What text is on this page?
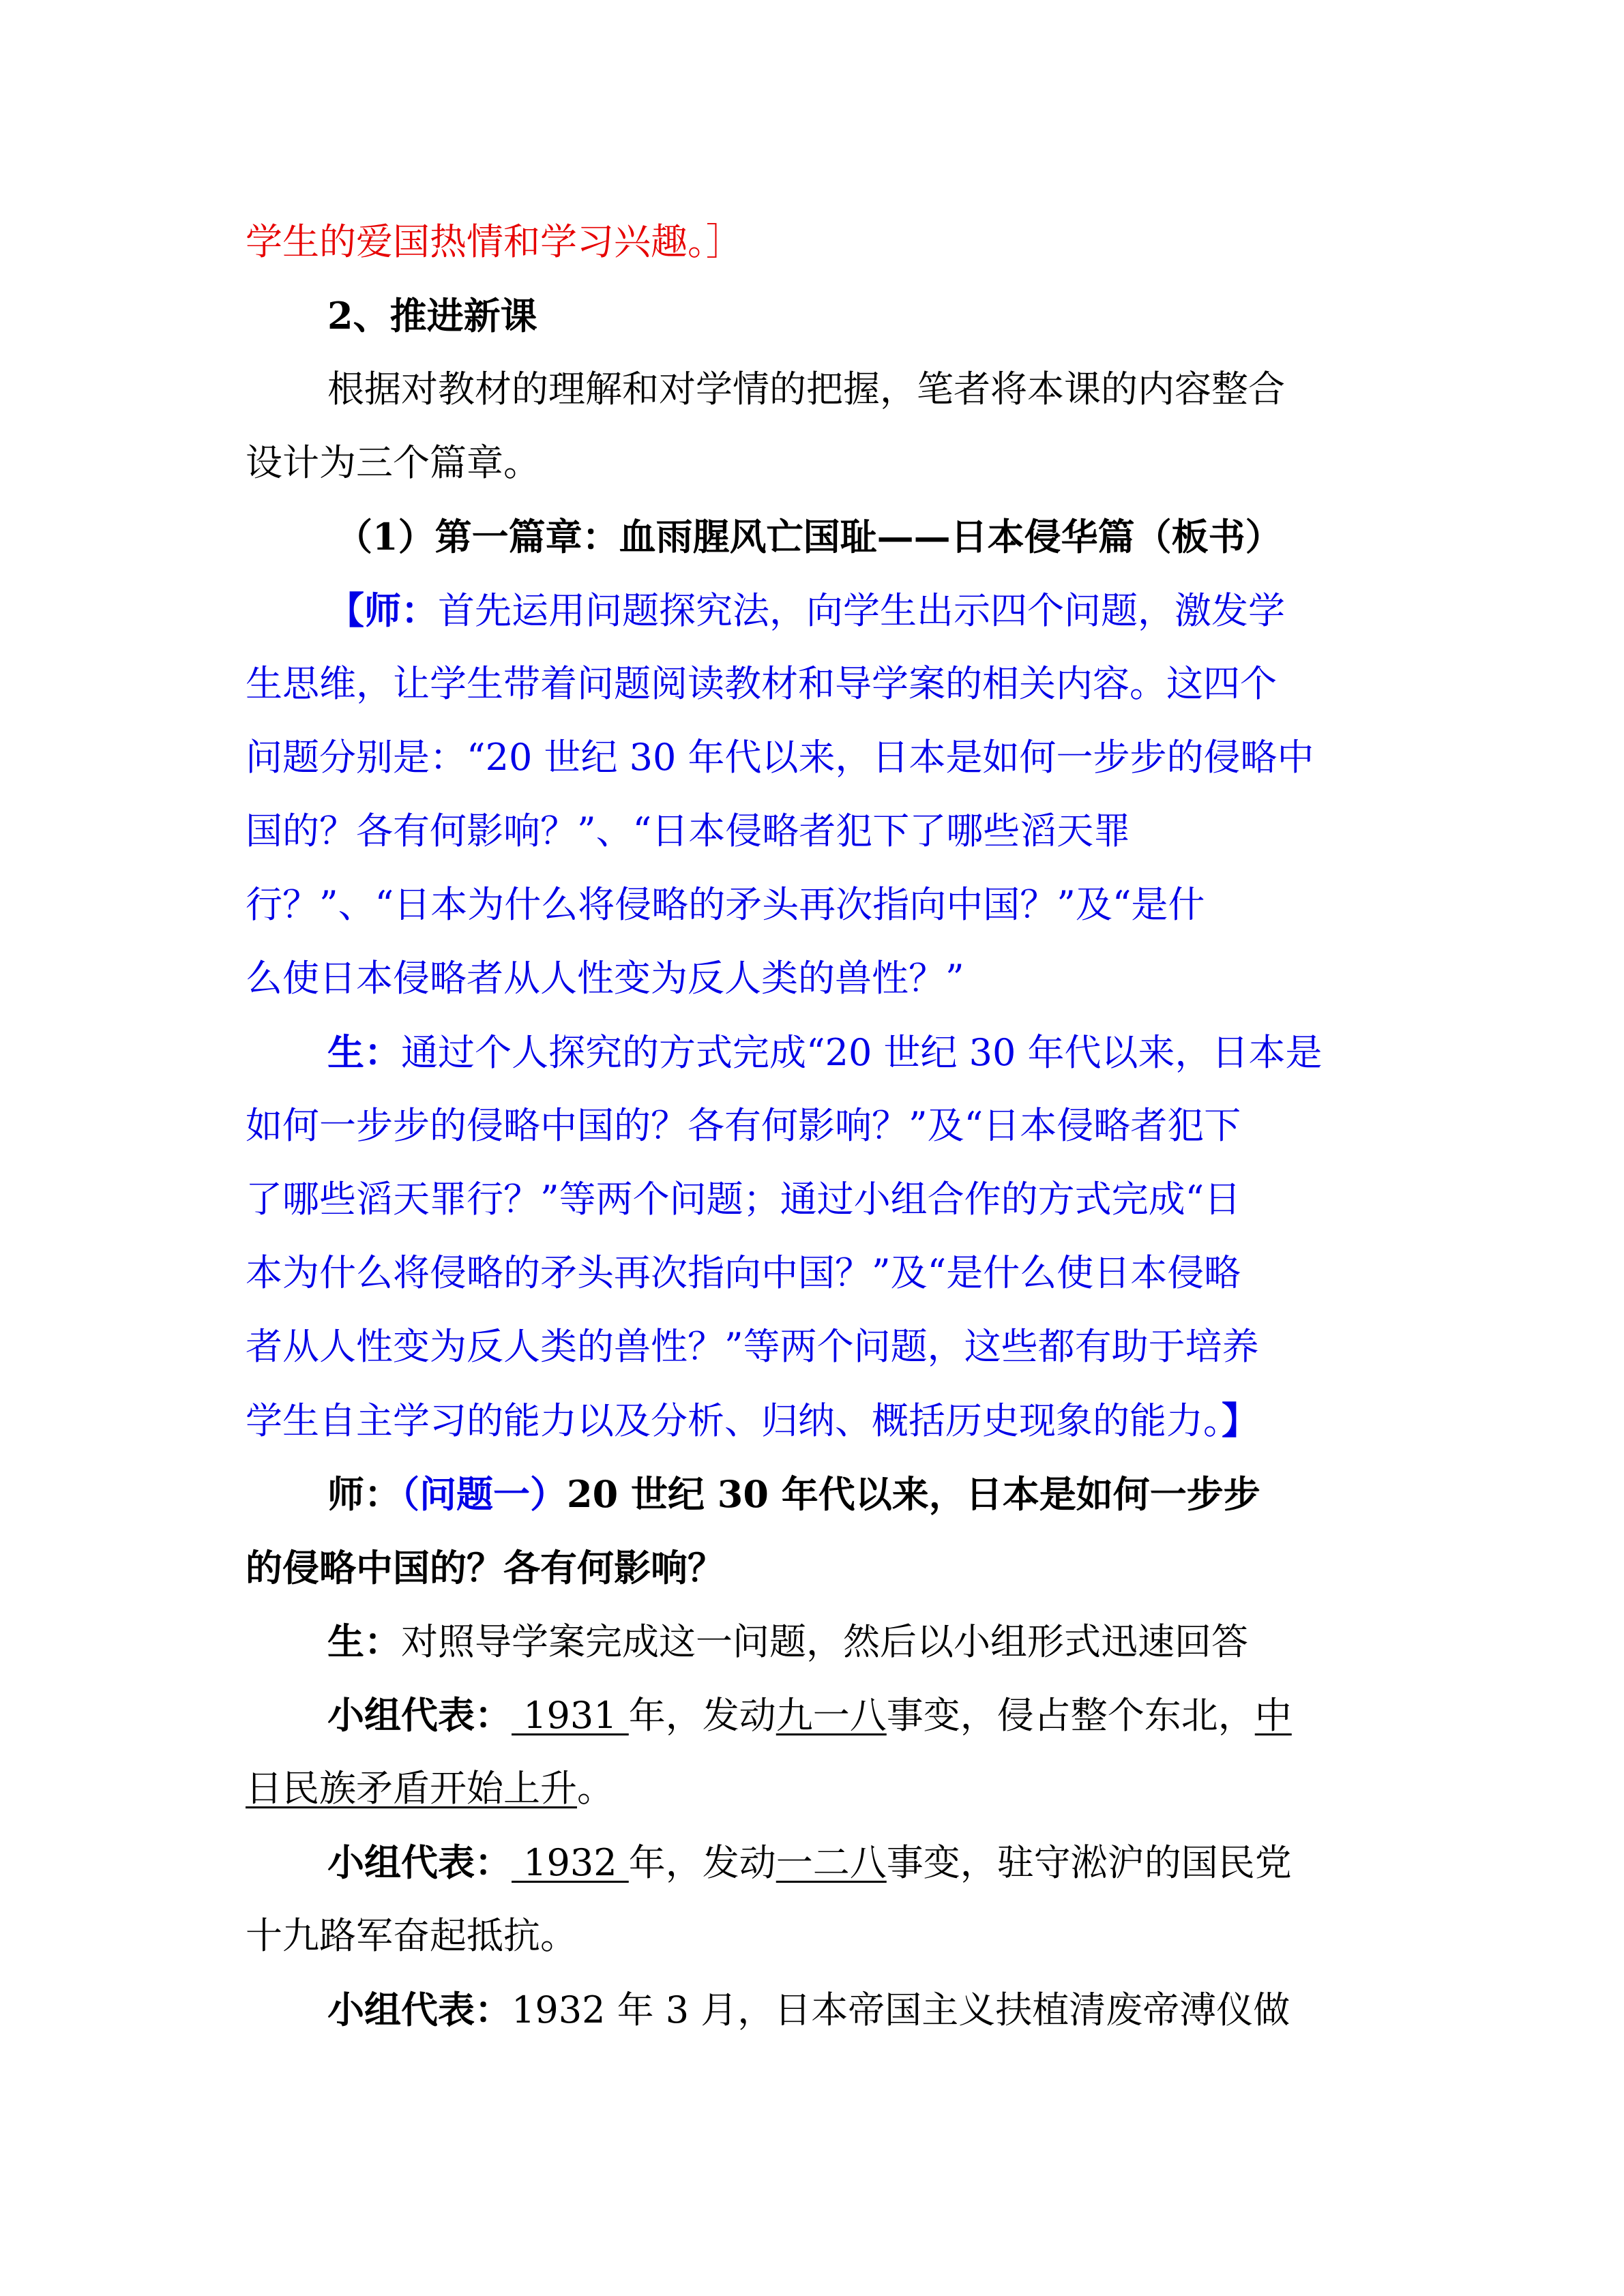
学生的爱国热情和学习兴趣。］
2、推进新课
根据对教材的理解和对学情的把握，笔者将本课的内容整合
设计为三个篇章。
（1）第一篇章：血雨腥风亡国耻——日本侵华篇（板书）
【师：首先运用问题探究法，向学生出示四个问题，激发学
生思维，让学生带着问题阅读教材和导学案的相关内容。这四个
问题分别是：“20 世纪 30 年代以来，日本是如何一步步的侵略中
国的？各有何影响？”、“日本侵略者犯下了哪些滔天罪
行？”、“日本为什么将侵略的矛头再次指向中国？”及“是什
么使日本侵略者从人性变为反人类的兽性？”
生：通过个人探究的方式完成“20 世纪 30 年代以来，日本是
如何一步步的侵略中国的？各有何影响？”及“日本侵略者犯下
了哪些滔天罪行？”等两个问题；通过小组合作的方式完成“日
本为什么将侵略的矛头再次指向中国？”及“是什么使日本侵略
者从人性变为反人类的兽性？”等两个问题，这些都有助于培养
学生自主学习的能力以及分析、归纳、概括历史现象的能力。】
师：（问题一）20 世纪 30 年代以来，日本是如何一步步
的侵略中国的？各有何影响？
生：对照导学案完成这一问题，然后以小组形式迅速回答
小组代表： 1931 年，发动九一八事变，侵占整个东北，中
日民族矛盾开始上升。
小组代表： 1932 年，发动一二八事变，驻守淞沪的国民党
十九路军奋起抵抗。
小组代表：1932 年 3 月，日本帝国主义扶植清废帝溥仪做
